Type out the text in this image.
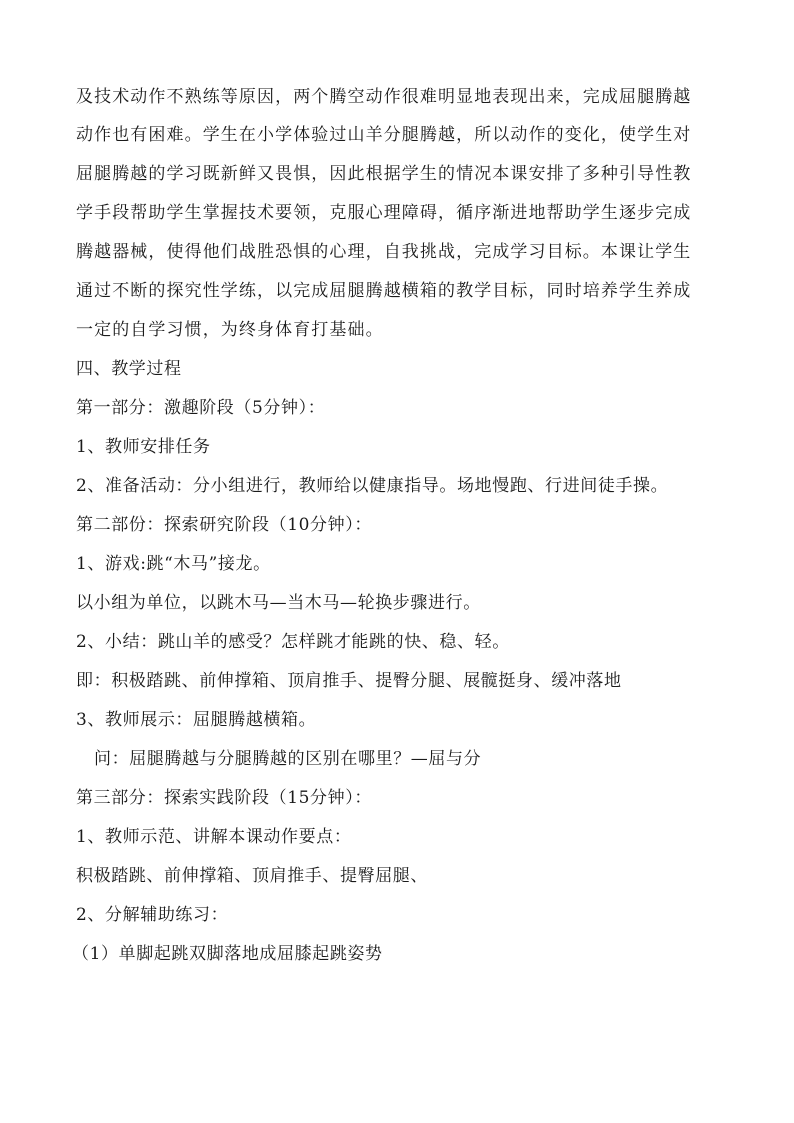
及技术动作不熟练等原因，两个腾空动作很难明显地表现出来，完成屈腿腾越
动作也有困难。学生在小学体验过山羊分腿腾越，所以动作的变化，使学生对
屈腿腾越的学习既新鲜又畏惧，因此根据学生的情况本课安排了多种引导性教
学手段帮助学生掌握技术要领，克服心理障碍，循序渐进地帮助学生逐步完成
腾越器械，使得他们战胜恐惧的心理，自我挑战，完成学习目标。本课让学生
通过不断的探究性学练，以完成屈腿腾越横箱的教学目标，同时培养学生养成
一定的自学习惯，为终身体育打基础。
四、教学过程
第一部分：激趣阶段（5分钟）：
1、教师安排任务
2、准备活动：分小组进行，教师给以健康指导。场地慢跑、行进间徒手操。
第二部份：探索研究阶段（10分钟）：
1、游戏:跳“木马”接龙。
以小组为单位，以跳木马—当木马—轮换步骤进行。
2、小结：跳山羊的感受？怎样跳才能跳的快、稳、轻。
即：积极踏跳、前伸撑箱、顶肩推手、提臀分腿、展髋挺身、缓冲落地
3、教师展示：屈腿腾越横箱。
问：屈腿腾越与分腿腾越的区别在哪里？—屈与分
第三部分：探索实践阶段（15分钟）：
1、教师示范、讲解本课动作要点：
积极踏跳、前伸撑箱、顶肩推手、提臀屈腿、
2、分解辅助练习：
（1）单脚起跳双脚落地成屈膝起跳姿势
